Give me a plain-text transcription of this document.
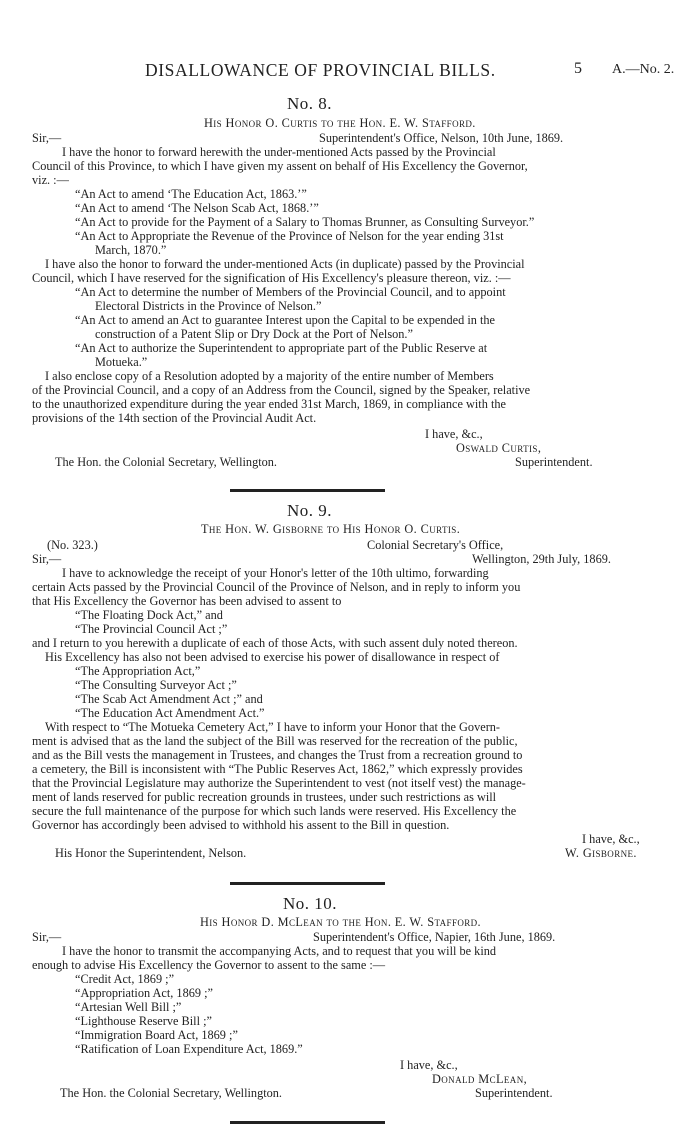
DISALLOWANCE OF PROVINCIAL BILLS.	5 A.—No. 2.
No. 8.
His Honor O. Curtis to the Hon. E. W. Stafford.
Sir,—	Superintendent's Office, Nelson, 10th June, 1869.
I have the honor to forward herewith the under-mentioned Acts passed by the Provincial
Council of this Province, to which I have given my assent on behalf of His Excellency the Governor,
viz. :—
“An Act to amend ‘The Education Act, 1863.’”
“An Act to amend ‘The Nelson Scab Act, 1868.’”
“An Act to provide for the Payment of a Salary to Thomas Brunner, as Consulting Surveyor.”
“An Act to Appropriate the Revenue of the Province of Nelson for the year ending 31st
March, 1870.”
I have also the honor to forward the under-mentioned Acts (in duplicate) passed by the Provincial
Council, which I have reserved for the signification of His Excellency's pleasure thereon, viz. :—
“An Act to determine the number of Members of the Provincial Council, and to appoint
Electoral Districts in the Province of Nelson.”
“An Act to amend an Act to guarantee Interest upon the Capital to be expended in the
construction of a Patent Slip or Dry Dock at the Port of Nelson.”
“An Act to authorize the Superintendent to appropriate part of the Public Reserve at
Motueka.”
I also enclose copy of a Resolution adopted by a majority of the entire number of Members
of the Provincial Council, and a copy of an Address from the Council, signed by the Speaker, relative
to the unauthorized expenditure during the year ended 31st March, 1869, in compliance with the
provisions of the 14th section of the Provincial Audit Act.
I have, &c.,
Oswald Curtis,
The Hon. the Colonial Secretary, Wellington.	Superintendent.
No. 9.
The Hon. W. Gisborne to His Honor O. Curtis.
(No. 323.)	Colonial Secretary's Office,
Sir,—	Wellington, 29th July, 1869.
I have to acknowledge the receipt of your Honor's letter of the 10th ultimo, forwarding
certain Acts passed by the Provincial Council of the Province of Nelson, and in reply to inform you
that His Excellency the Governor has been advised to assent to
“The Floating Dock Act,” and
“The Provincial Council Act ;”
and I return to you herewith a duplicate of each of those Acts, with such assent duly noted thereon.
His Excellency has also not been advised to exercise his power of disallowance in respect of
“The Appropriation Act,”
“The Consulting Surveyor Act ;”
“The Scab Act Amendment Act ;” and
“The Education Act Amendment Act.”
With respect to “The Motueka Cemetery Act,” I have to inform your Honor that the Govern-
ment is advised that as the land the subject of the Bill was reserved for the recreation of the public,
and as the Bill vests the management in Trustees, and changes the Trust from a recreation ground to
a cemetery, the Bill is inconsistent with “The Public Reserves Act, 1862,” which expressly provides
that the Provincial Legislature may authorize the Superintendent to vest (not itself vest) the manage-
ment of lands reserved for public recreation grounds in trustees, under such restrictions as will
secure the full maintenance of the purpose for which such lands were reserved. His Excellency the
Governor has accordingly been advised to withhold his assent to the Bill in question.
I have, &c.,
His Honor the Superintendent, Nelson.	W. Gisborne.
No. 10.
His Honor D. McLean to the Hon. E. W. Stafford.
Sir,—	Superintendent's Office, Napier, 16th June, 1869.
I have the honor to transmit the accompanying Acts, and to request that you will be kind
enough to advise His Excellency the Governor to assent to the same :—
“Credit Act, 1869 ;”
“Appropriation Act, 1869 ;”
“Artesian Well Bill ;”
“Lighthouse Reserve Bill ;”
“Immigration Board Act, 1869 ;”
“Ratification of Loan Expenditure Act, 1869.”
I have, &c.,
Donald McLean,
The Hon. the Colonial Secretary, Wellington.	Superintendent.
